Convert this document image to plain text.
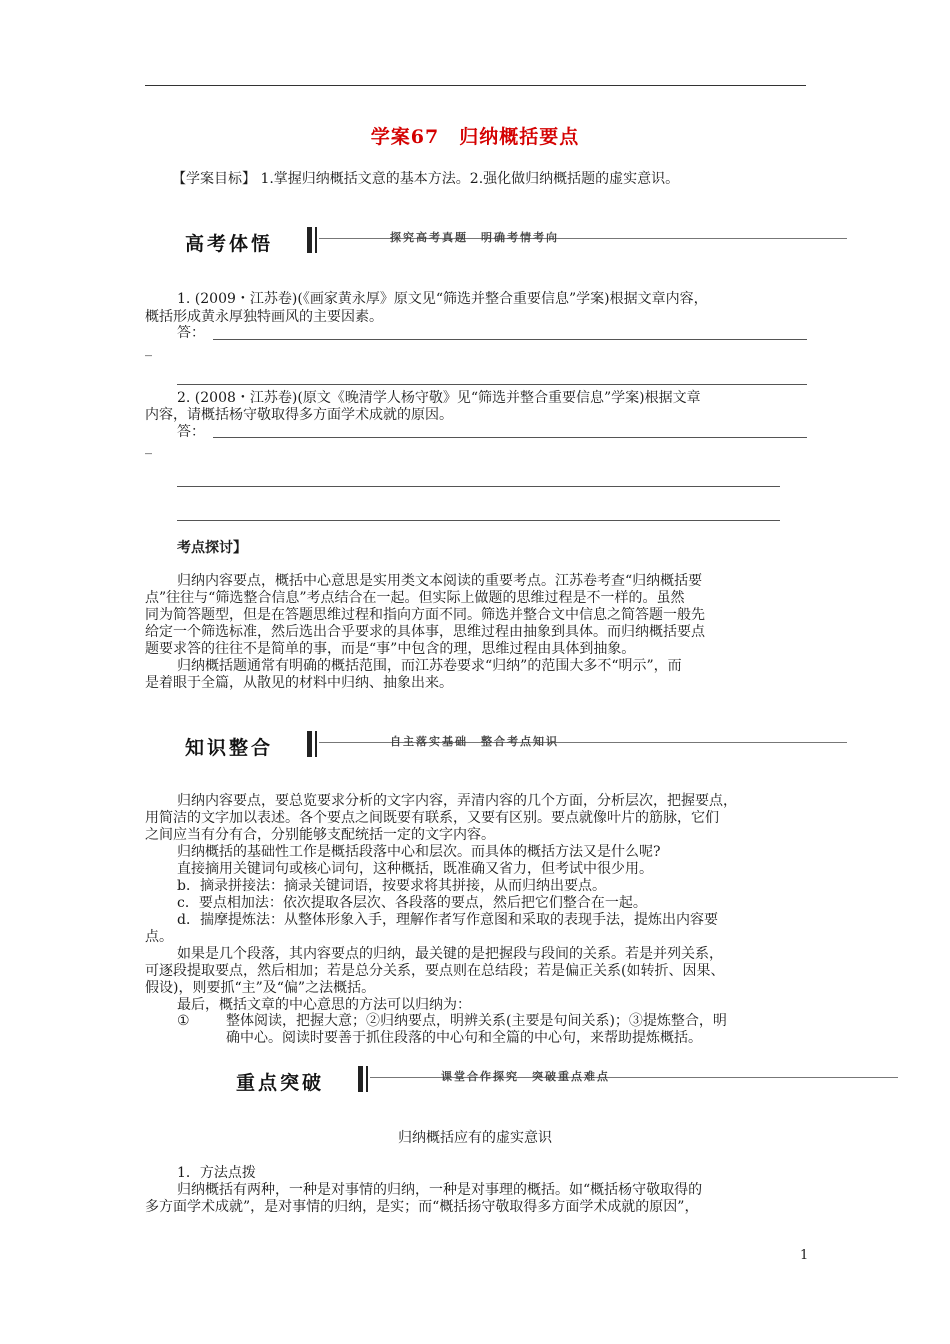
学案67　归纳概括要点
【学案目标】 1.掌握归纳概括文意的基本方法。2.强化做归纳概括题的虚实意识。
高考体悟	探究高考真题　明确考情考向
1. (2009・江苏卷)(《画家黄永厚》原文见“筛选并整合重要信息”学案)根据文章内容，
概括形成黄永厚独特画风的主要因素。
答：
_
2. (2008・江苏卷)(原文《晚清学人杨守敬》见“筛选并整合重要信息”学案)根据文章
内容，请概括杨守敬取得多方面学术成就的原因。
答：
_
考点探讨】
归纳内容要点，概括中心意思是实用类文本阅读的重要考点。江苏卷考查“归纳概括要
点”往往与“筛选整合信息”考点结合在一起。但实际上做题的思维过程是不一样的。虽然
同为简答题型，但是在答题思维过程和指向方面不同。筛选并整合文中信息之简答题一般先
给定一个筛选标准，然后选出合乎要求的具体事，思维过程由抽象到具体。而归纳概括要点
题要求答的往往不是简单的事，而是“事”中包含的理，思维过程由具体到抽象。
归纳概括题通常有明确的概括范围，而江苏卷要求“归纳”的范围大多不“明示”，而
是着眼于全篇，从散见的材料中归纳、抽象出来。
知识整合	自主落实基础　整合考点知识
归纳内容要点，要总览要求分析的文字内容，弄清内容的几个方面，分析层次，把握要点，
用简洁的文字加以表述。各个要点之间既要有联系，又要有区别。要点就像叶片的筋脉，它们
之间应当有分有合，分别能够支配统括一定的文字内容。
归纳概括的基础性工作是概括段落中心和层次。而具体的概括方法又是什么呢?
直接摘用关键词句或核心词句，这种概括，既准确又省力，但考试中很少用。
b．摘录拼接法：摘录关键词语，按要求将其拼接，从而归纳出要点。
c．要点相加法：依次提取各层次、各段落的要点，然后把它们整合在一起。
d．揣摩提炼法：从整体形象入手，理解作者写作意图和采取的表现手法，提炼出内容要
点。
如果是几个段落，其内容要点的归纳，最关键的是把握段与段间的关系。若是并列关系，
可逐段提取要点，然后相加；若是总分关系，要点则在总结段；若是偏正关系(如转折、因果、
假设)，则要抓“主”及“偏”之法概括。
最后，概括文章的中心意思的方法可以归纳为：
①	整体阅读，把握大意；②归纳要点，明辨关系(主要是句间关系)；③提炼整合，明
确中心。阅读时要善于抓住段落的中心句和全篇的中心句，来帮助提炼概括。
重点突破	课堂合作探究　突破重点难点
归纳概括应有的虚实意识
1．方法点拨
归纳概括有两种，一种是对事情的归纳，一种是对事理的概括。如“概括杨守敬取得的
多方面学术成就”，是对事情的归纳，是实；而“概括扬守敬取得多方面学术成就的原因”，
1
